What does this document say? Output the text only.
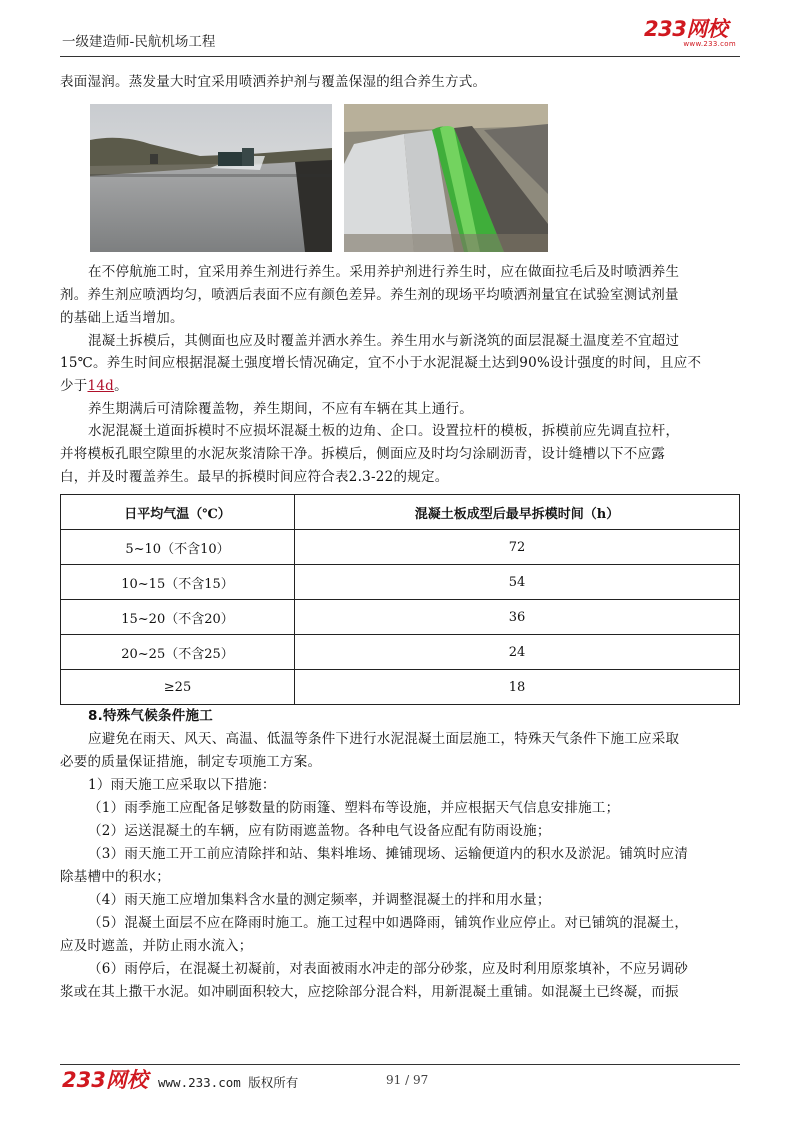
一级建造师-民航机场工程
233网校
www.233.com
表面湿润。蒸发量大时宜采用喷洒养护剂与覆盖保湿的组合养生方式。
在不停航施工时，宜采用养生剂进行养生。采用养护剂进行养生时，应在做面拉毛后及时喷洒养生
剂。养生剂应喷洒均匀，喷洒后表面不应有颜色差异。养生剂的现场平均喷洒剂量宜在试验室测试剂量
的基础上适当增加。
混凝土拆模后，其侧面也应及时覆盖并洒水养生。养生用水与新浇筑的面层混凝土温度差不宜超过
15℃。养生时间应根据混凝土强度增长情况确定，宜不小于水泥混凝土达到90%设计强度的时间，且应不
少于14d。
养生期满后可清除覆盖物，养生期间，不应有车辆在其上通行。
水泥混凝土道面拆模时不应损坏混凝土板的边角、企口。设置拉杆的模板，拆模前应先调直拉杆，
并将模板孔眼空隙里的水泥灰浆清除干净。拆模后，侧面应及时均匀涂刷沥青，设计缝槽以下不应露
白，并及时覆盖养生。最早的拆模时间应符合表2.3-22的规定。
日平均气温（℃）	混凝土板成型后最早拆模时间（h）
5~10（不含10）	72
10~15（不含15）	54
15~20（不含20）	36
20~25（不含25）	24
≥25	18
8.特殊气候条件施工
应避免在雨天、风天、高温、低温等条件下进行水泥混凝土面层施工，特殊天气条件下施工应采取
必要的质量保证措施，制定专项施工方案。
1）雨天施工应采取以下措施：
（1）雨季施工应配备足够数量的防雨篷、塑料布等设施，并应根据天气信息安排施工；
（2）运送混凝土的车辆，应有防雨遮盖物。各种电气设备应配有防雨设施；
（3）雨天施工开工前应清除拌和站、集料堆场、摊铺现场、运输便道内的积水及淤泥。铺筑时应清
除基槽中的积水；
（4）雨天施工应增加集料含水量的测定频率，并调整混凝土的拌和用水量；
（5）混凝土面层不应在降雨时施工。施工过程中如遇降雨，铺筑作业应停止。对已铺筑的混凝土，
应及时遮盖，并防止雨水流入；
（6）雨停后，在混凝土初凝前，对表面被雨水冲走的部分砂浆，应及时利用原浆填补，不应另调砂
浆或在其上撒干水泥。如冲刷面积较大，应挖除部分混合料，用新混凝土重铺。如混凝土已终凝，而振
233网校 www.233.com 版权所有	91 / 97
